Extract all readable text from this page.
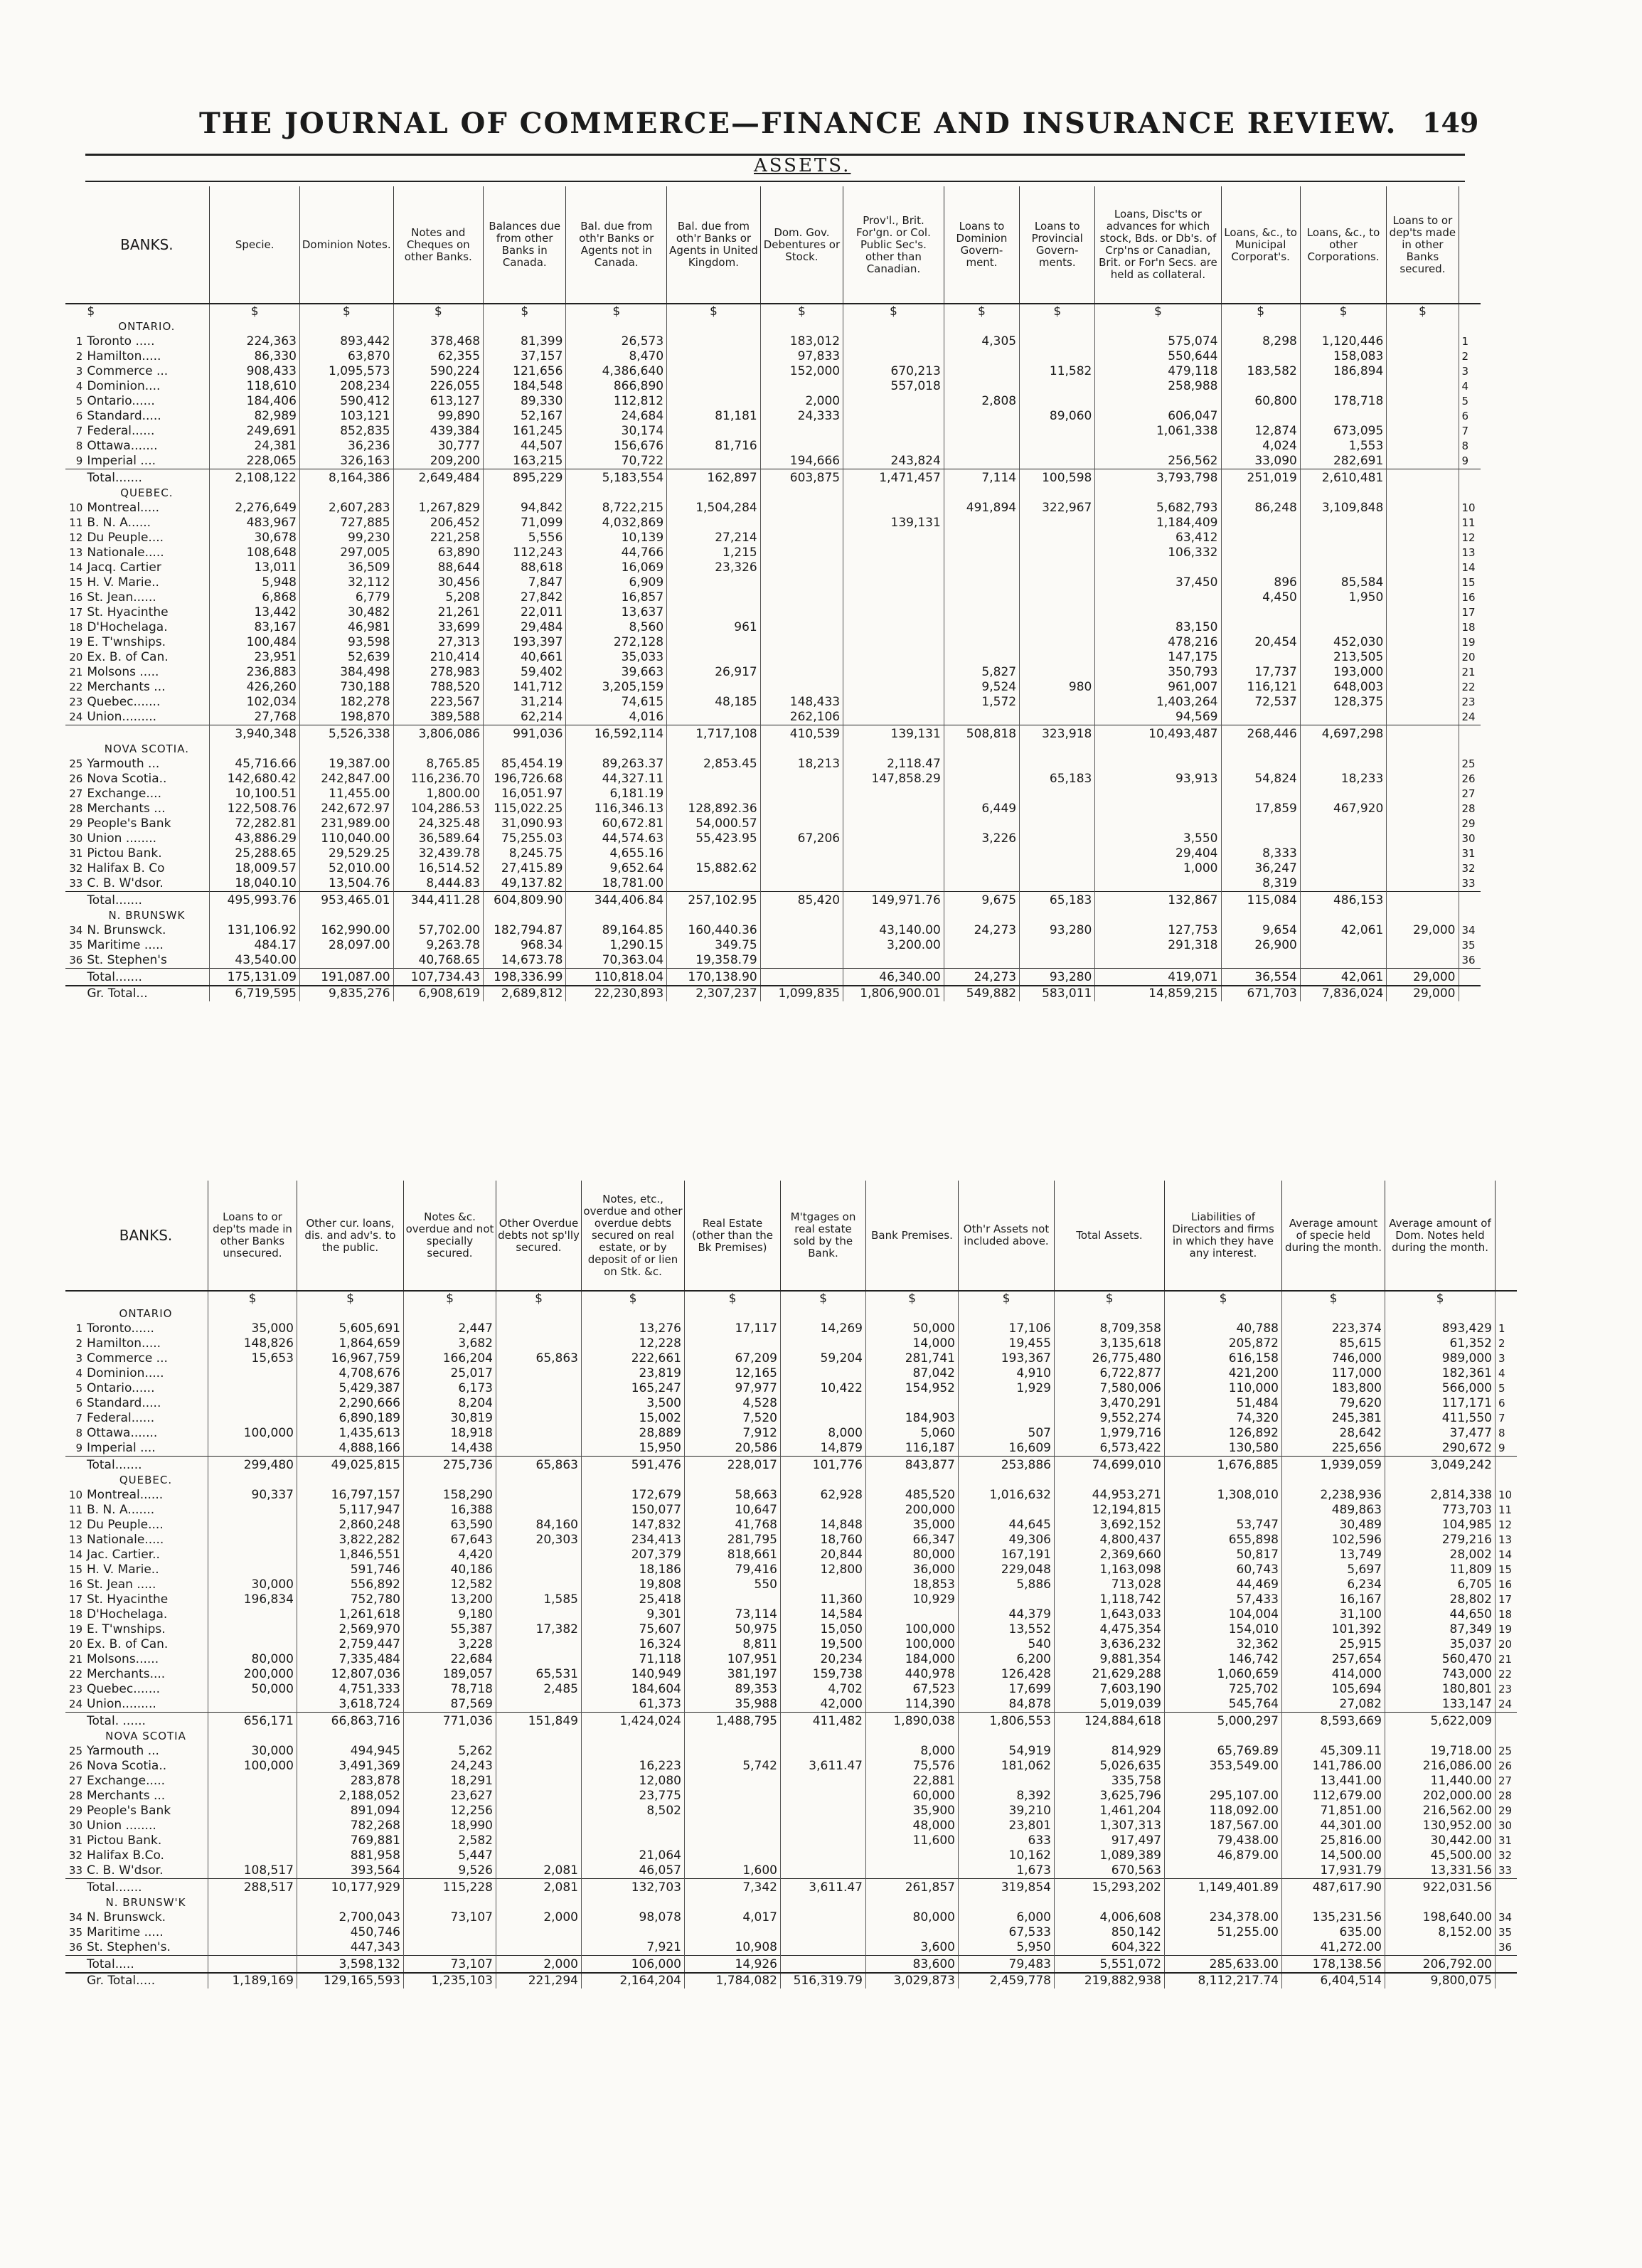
THE JOURNAL OF COMMERCE—FINANCE AND INSURANCE REVIEW. 149
ASSETS.
	BANKS.	Specie.	Dominion Notes.	Notes and Cheques on other Banks.	Balances due from other Banks in Canada.	Bal. due from oth'r Banks or Agents not in Canada.	Bal. due from oth'r Banks or Agents in United Kingdom.	Dom. Gov. Debentures or Stock.	Prov'l., Brit. For'gn. or Col. Public Sec's. other than Canadian.	Loans to Dominion Govern-ment.	Loans to Provincial Govern-ments.	Loans, Disc'ts or advances for which stock, Bds. or Db's. of Crp'ns or Canadian, Brit. or For'n Secs. are held as collateral.	Loans, &c., to Municipal Corporat's.	Loans, &c., to other Corporations.	Loans to or dep'ts made in other Banks secured.	
	$	$	$	$	$	$	$	$	$	$	$	$	$	$	$	
	ONTARIO.															
1	Toronto .....	224,363	893,442	378,468	81,399	26,573		183,012		4,305		575,074	8,298	1,120,446		1
2	Hamilton.....	86,330	63,870	62,355	37,157	8,470		97,833				550,644		158,083		2
3	Commerce ...	908,433	1,095,573	590,224	121,656	4,386,640		152,000	670,213		11,582	479,118	183,582	186,894		3
4	Dominion....	118,610	208,234	226,055	184,548	866,890			557,018			258,988				4
5	Ontario......	184,406	590,412	613,127	89,330	112,812		2,000		2,808			60,800	178,718		5
6	Standard.....	82,989	103,121	99,890	52,167	24,684	81,181	24,333			89,060	606,047				6
7	Federal......	249,691	852,835	439,384	161,245	30,174						1,061,338	12,874	673,095		7
8	Ottawa.......	24,381	36,236	30,777	44,507	156,676	81,716						4,024	1,553		8
9	Imperial ....	228,065	326,163	209,200	163,215	70,722		194,666	243,824			256,562	33,090	282,691		9
	Total.......	2,108,122	8,164,386	2,649,484	895,229	5,183,554	162,897	603,875	1,471,457	7,114	100,598	3,793,798	251,019	2,610,481		
	QUEBEC.															
10	Montreal.....	2,276,649	2,607,283	1,267,829	94,842	8,722,215	1,504,284			491,894	322,967	5,682,793	86,248	3,109,848		10
11	B. N. A......	483,967	727,885	206,452	71,099	4,032,869			139,131			1,184,409				11
12	Du Peuple....	30,678	99,230	221,258	5,556	10,139	27,214					63,412				12
13	Nationale.....	108,648	297,005	63,890	112,243	44,766	1,215					106,332				13
14	Jacq. Cartier	13,011	36,509	88,644	88,618	16,069	23,326									14
15	H. V. Marie..	5,948	32,112	30,456	7,847	6,909						37,450	896	85,584		15
16	St. Jean......	6,868	6,779	5,208	27,842	16,857							4,450	1,950		16
17	St. Hyacinthe	13,442	30,482	21,261	22,011	13,637										17
18	D'Hochelaga.	83,167	46,981	33,699	29,484	8,560	961					83,150				18
19	E. T'wnships.	100,484	93,598	27,313	193,397	272,128						478,216	20,454	452,030		19
20	Ex. B. of Can.	23,951	52,639	210,414	40,661	35,033						147,175		213,505		20
21	Molsons .....	236,883	384,498	278,983	59,402	39,663	26,917			5,827		350,793	17,737	193,000		21
22	Merchants ...	426,260	730,188	788,520	141,712	3,205,159				9,524	980	961,007	116,121	648,003		22
23	Quebec.......	102,034	182,278	223,567	31,214	74,615	48,185	148,433		1,572		1,403,264	72,537	128,375		23
24	Union.........	27,768	198,870	389,588	62,214	4,016		262,106				94,569				24
		3,940,348	5,526,338	3,806,086	991,036	16,592,114	1,717,108	410,539	139,131	508,818	323,918	10,493,487	268,446	4,697,298		
	NOVA SCOTIA.															
25	Yarmouth ...	45,716.66	19,387.00	8,765.85	85,454.19	89,263.37	2,853.45	18,213	2,118.47							25
26	Nova Scotia..	142,680.42	242,847.00	116,236.70	196,726.68	44,327.11			147,858.29		65,183	93,913	54,824	18,233		26
27	Exchange....	10,100.51	11,455.00	1,800.00	16,051.97	6,181.19										27
28	Merchants ...	122,508.76	242,672.97	104,286.53	115,022.25	116,346.13	128,892.36			6,449			17,859	467,920		28
29	People's Bank	72,282.81	231,989.00	24,325.48	31,090.93	60,672.81	54,000.57									29
30	Union ........	43,886.29	110,040.00	36,589.64	75,255.03	44,574.63	55,423.95	67,206		3,226		3,550				30
31	Pictou Bank.	25,288.65	29,529.25	32,439.78	8,245.75	4,655.16						29,404	8,333			31
32	Halifax B. Co	18,009.57	52,010.00	16,514.52	27,415.89	9,652.64	15,882.62					1,000	36,247			32
33	C. B. W'dsor.	18,040.10	13,504.76	8,444.83	49,137.82	18,781.00							8,319			33
	Total.......	495,993.76	953,465.01	344,411.28	604,809.90	344,406.84	257,102.95	85,420	149,971.76	9,675	65,183	132,867	115,084	486,153		
	N. BRUNSWK															
34	N. Brunswck.	131,106.92	162,990.00	57,702.00	182,794.87	89,164.85	160,440.36		43,140.00	24,273	93,280	127,753	9,654	42,061	29,000	34
35	Maritime .....	484.17	28,097.00	9,263.78	968.34	1,290.15	349.75		3,200.00			291,318	26,900			35
36	St. Stephen's	43,540.00		40,768.65	14,673.78	70,363.04	19,358.79									36
	Total.......	175,131.09	191,087.00	107,734.43	198,336.99	110,818.04	170,138.90		46,340.00	24,273	93,280	419,071	36,554	42,061	29,000	
	Gr. Total...	6,719,595	9,835,276	6,908,619	2,689,812	22,230,893	2,307,237	1,099,835	1,806,900.01	549,882	583,011	14,859,215	671,703	7,836,024	29,000	
	BANKS.	Loans to or dep'ts made in other Banks unsecured.	Other cur. loans, dis. and adv's. to the public.	Notes &c. overdue and not specially secured.	Other Overdue debts not sp'lly secured.	Notes, etc., overdue and other overdue debts secured on real estate, or by deposit of or lien on Stk. &c.	Real Estate (other than the Bk Premises)	M'tgages on real estate sold by the Bank.	Bank Premises.	Oth'r Assets not included above.	Total Assets.	Liabilities of Directors and firms in which they have any interest.	Average amount of specie held during the month.	Average amount of Dom. Notes held during the month.	
		$	$	$	$	$	$	$	$	$	$	$	$	$	
	ONTARIO														
1	Toronto......	35,000	5,605,691	2,447		13,276	17,117	14,269	50,000	17,106	8,709,358	40,788	223,374	893,429	1
2	Hamilton.....	148,826	1,864,659	3,682		12,228			14,000	19,455	3,135,618	205,872	85,615	61,352	2
3	Commerce ...	15,653	16,967,759	166,204	65,863	222,661	67,209	59,204	281,741	193,367	26,775,480	616,158	746,000	989,000	3
4	Dominion.....		4,708,676	25,017		23,819	12,165		87,042	4,910	6,722,877	421,200	117,000	182,361	4
5	Ontario......		5,429,387	6,173		165,247	97,977	10,422	154,952	1,929	7,580,006	110,000	183,800	566,000	5
6	Standard.....		2,290,666	8,204		3,500	4,528				3,470,291	51,484	79,620	117,171	6
7	Federal......		6,890,189	30,819		15,002	7,520		184,903		9,552,274	74,320	245,381	411,550	7
8	Ottawa.......	100,000	1,435,613	18,918		28,889	7,912	8,000	5,060	507	1,979,716	126,892	28,642	37,477	8
9	Imperial ....		4,888,166	14,438		15,950	20,586	14,879	116,187	16,609	6,573,422	130,580	225,656	290,672	9
	Total.......	299,480	49,025,815	275,736	65,863	591,476	228,017	101,776	843,877	253,886	74,699,010	1,676,885	1,939,059	3,049,242	
	QUEBEC.														
10	Montreal......	90,337	16,797,157	158,290		172,679	58,663	62,928	485,520	1,016,632	44,953,271	1,308,010	2,238,936	2,814,338	10
11	B. N. A.......		5,117,947	16,388		150,077	10,647		200,000		12,194,815		489,863	773,703	11
12	Du Peuple....		2,860,248	63,590	84,160	147,832	41,768	14,848	35,000	44,645	3,692,152	53,747	30,489	104,985	12
13	Nationale.....		3,822,282	67,643	20,303	234,413	281,795	18,760	66,347	49,306	4,800,437	655,898	102,596	279,216	13
14	Jac. Cartier..		1,846,551	4,420		207,379	818,661	20,844	80,000	167,191	2,369,660	50,817	13,749	28,002	14
15	H. V. Marie..		591,746	40,186		18,186	79,416	12,800	36,000	229,048	1,163,098	60,743	5,697	11,809	15
16	St. Jean .....	30,000	556,892	12,582		19,808	550		18,853	5,886	713,028	44,469	6,234	6,705	16
17	St. Hyacinthe	196,834	752,780	13,200	1,585	25,418		11,360	10,929		1,118,742	57,433	16,167	28,802	17
18	D'Hochelaga.		1,261,618	9,180		9,301	73,114	14,584		44,379	1,643,033	104,004	31,100	44,650	18
19	E. T'wnships.		2,569,970	55,387	17,382	75,607	50,975	15,050	100,000	13,552	4,475,354	154,010	101,392	87,349	19
20	Ex. B. of Can.		2,759,447	3,228		16,324	8,811	19,500	100,000	540	3,636,232	32,362	25,915	35,037	20
21	Molsons......	80,000	7,335,484	22,684		71,118	107,951	20,234	184,000	6,200	9,881,354	146,742	257,654	560,470	21
22	Merchants....	200,000	12,807,036	189,057	65,531	140,949	381,197	159,738	440,978	126,428	21,629,288	1,060,659	414,000	743,000	22
23	Quebec.......	50,000	4,751,333	78,718	2,485	184,604	89,353	4,702	67,523	17,699	7,603,190	725,702	105,694	180,801	23
24	Union.........		3,618,724	87,569		61,373	35,988	42,000	114,390	84,878	5,019,039	545,764	27,082	133,147	24
	Total. ......	656,171	66,863,716	771,036	151,849	1,424,024	1,488,795	411,482	1,890,038	1,806,553	124,884,618	5,000,297	8,593,669	5,622,009	
	NOVA SCOTIA														
25	Yarmouth ...	30,000	494,945	5,262					8,000	54,919	814,929	65,769.89	45,309.11	19,718.00	25
26	Nova Scotia..	100,000	3,491,369	24,243		16,223	5,742	3,611.47	75,576	181,062	5,026,635	353,549.00	141,786.00	216,086.00	26
27	Exchange.....		283,878	18,291		12,080			22,881		335,758		13,441.00	11,440.00	27
28	Merchants ...		2,188,052	23,627		23,775			60,000	8,392	3,625,796	295,107.00	112,679.00	202,000.00	28
29	People's Bank		891,094	12,256		8,502			35,900	39,210	1,461,204	118,092.00	71,851.00	216,562.00	29
30	Union ........		782,268	18,990					48,000	23,801	1,307,313	187,567.00	44,301.00	130,952.00	30
31	Pictou Bank.		769,881	2,582					11,600	633	917,497	79,438.00	25,816.00	30,442.00	31
32	Halifax B.Co.		881,958	5,447		21,064				10,162	1,089,389	46,879.00	14,500.00	45,500.00	32
33	C. B. W'dsor.	108,517	393,564	9,526	2,081	46,057	1,600			1,673	670,563		17,931.79	13,331.56	33
	Total.......	288,517	10,177,929	115,228	2,081	132,703	7,342	3,611.47	261,857	319,854	15,293,202	1,149,401.89	487,617.90	922,031.56	
	N. BRUNSW'K														
34	N. Brunswck.		2,700,043	73,107	2,000	98,078	4,017		80,000	6,000	4,006,608	234,378.00	135,231.56	198,640.00	34
35	Maritime .....		450,746							67,533	850,142	51,255.00	635.00	8,152.00	35
36	St. Stephen's.		447,343			7,921	10,908		3,600	5,950	604,322		41,272.00		36
	Total.....		3,598,132	73,107	2,000	106,000	14,926		83,600	79,483	5,551,072	285,633.00	178,138.56	206,792.00	
	Gr. Total.....	1,189,169	129,165,593	1,235,103	221,294	2,164,204	1,784,082	516,319.79	3,029,873	2,459,778	219,882,938	8,112,217.74	6,404,514	9,800,075	
